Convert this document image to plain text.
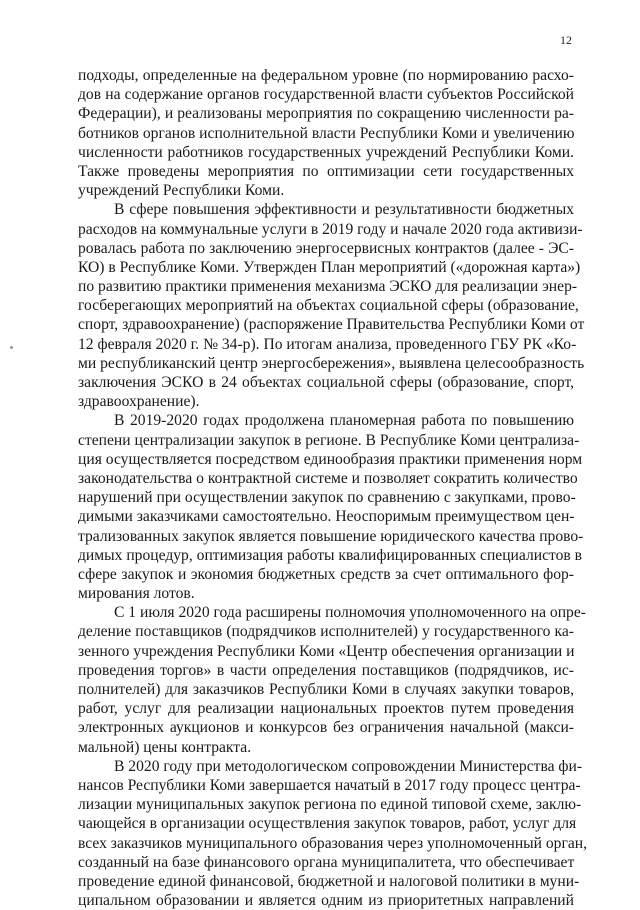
12
подходы, определенные на федеральном уровне (по нормированию расхо-
дов на содержание органов государственной власти субъектов Российской
Федерации), и реализованы мероприятия по сокращению численности ра-
ботников органов исполнительной власти Республики Коми и увеличению
численности работников государственных учреждений Республики Коми.
Также проведены мероприятия по оптимизации сети государственных
учреждений Республики Коми.
В сфере повышения эффективности и результативности бюджетных
расходов на коммунальные услуги в 2019 году и начале 2020 года активизи-
ровалась работа по заключению энергосервисных контрактов (далее - ЭС-
КО) в Республике Коми. Утвержден План мероприятий («дорожная карта»)
по развитию практики применения механизма ЭСКО для реализации энер-
госберегающих мероприятий на объектах социальной сферы (образование,
спорт, здравоохранение) (распоряжение Правительства Республики Коми от
12 февраля 2020 г. № 34-р). По итогам анализа, проведенного ГБУ РК «Ко-
ми республиканский центр энергосбережения», выявлена целесообразность
заключения ЭСКО в 24 объектах социальной сферы (образование, спорт,
здравоохранение).
В 2019-2020 годах продолжена планомерная работа по повышению
степени централизации закупок в регионе. В Республике Коми централиза-
ция осуществляется посредством единообразия практики применения норм
законодательства о контрактной системе и позволяет сократить количество
нарушений при осуществлении закупок по сравнению с закупками, прово-
димыми заказчиками самостоятельно. Неоспоримым преимуществом цен-
трализованных закупок является повышение юридического качества прово-
димых процедур, оптимизация работы квалифицированных специалистов в
сфере закупок и экономия бюджетных средств за счет оптимального фор-
мирования лотов.
С 1 июля 2020 года расширены полномочия уполномоченного на опре-
деление поставщиков (подрядчиков исполнителей) у государственного ка-
зенного учреждения Республики Коми «Центр обеспечения организации и
проведения торгов» в части определения поставщиков (подрядчиков, ис-
полнителей) для заказчиков Республики Коми в случаях закупки товаров,
работ, услуг для реализации национальных проектов путем проведения
электронных аукционов и конкурсов без ограничения начальной (макси-
мальной) цены контракта.
В 2020 году при методологическом сопровождении Министерства фи-
нансов Республики Коми завершается начатый в 2017 году процесс центра-
лизации муниципальных закупок региона по единой типовой схеме, заклю-
чающейся в организации осуществления закупок товаров, работ, услуг для
всех заказчиков муниципального образования через уполномоченный орган,
созданный на базе финансового органа муниципалитета, что обеспечивает
проведение единой финансовой, бюджетной и налоговой политики в муни-
ципальном образовании и является одним из приоритетных направлений
